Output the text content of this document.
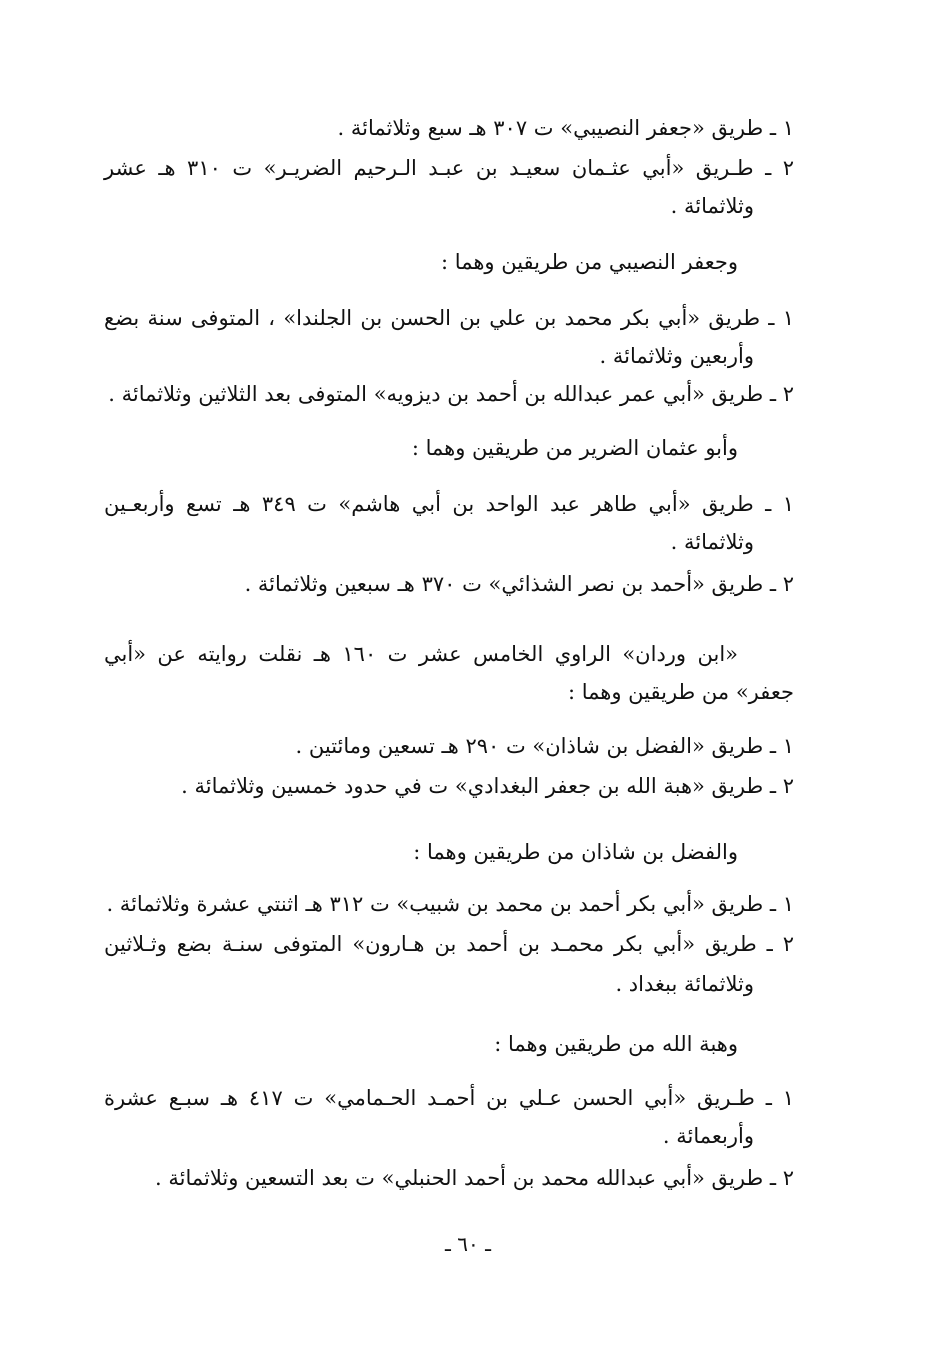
١ ـ طريق «جعفر النصيبي» ت ٣٠٧ هـ سبع وثلاثمائة .
٢ ـ طـريق «أبي عثـمان سعيـد بن عبـد الـرحيم الضريـر» ت ٣١٠ هـ عشر
وثلاثمائة .
وجعفر النصيبي من طريقين وهما :
١ ـ طريق «أبي بكر محمد بن علي بن الحسن بن الجلندا» ، المتوفى سنة بضع
وأربعين وثلاثمائة .
٢ ـ طريق «أبي عمر عبدالله بن أحمد بن ديزويه» المتوفى بعد الثلاثين وثلاثمائة .
وأبو عثمان الضرير من طريقين وهما :
١ ـ طريق «أبي طاهر عبد الواحد بن أبي هاشم» ت ٣٤٩ هـ تسع وأربعـين
وثلاثمائة .
٢ ـ طريق «أحمد بن نصر الشذائي» ت ٣٧٠ هـ سبعين وثلاثمائة .
«ابن وردان» الراوي الخامس عشر ت ١٦٠ هـ نقلت روايته عن «أبي
جعفر» من طريقين وهما :
١ ـ طريق «الفضل بن شاذان» ت ٢٩٠ هـ تسعين ومائتين .
٢ ـ طريق «هبة الله بن جعفر البغدادي» ت في حدود خمسين وثلاثمائة .
والفضل بن شاذان من طريقين وهما :
١ ـ طريق «أبي بكر أحمد بن محمد بن شبيب» ت ٣١٢ هـ اثنتي عشرة وثلاثمائة .
٢ ـ طريق «أبي بكر محمـد بن أحمد بن هـارون» المتوفى سنـة بضع وثـلاثين
وثلاثمائة ببغداد .
وهبة الله من طريقين وهما :
١ ـ طـريق «أبي الحسن عـلي بن أحمـد الحـمامي» ت ٤١٧ هـ سبـع عشرة
وأربعمائة .
٢ ـ طريق «أبي عبدالله محمد بن أحمد الحنبلي» ت بعد التسعين وثلاثمائة .
ـ ٦٠ ـ
